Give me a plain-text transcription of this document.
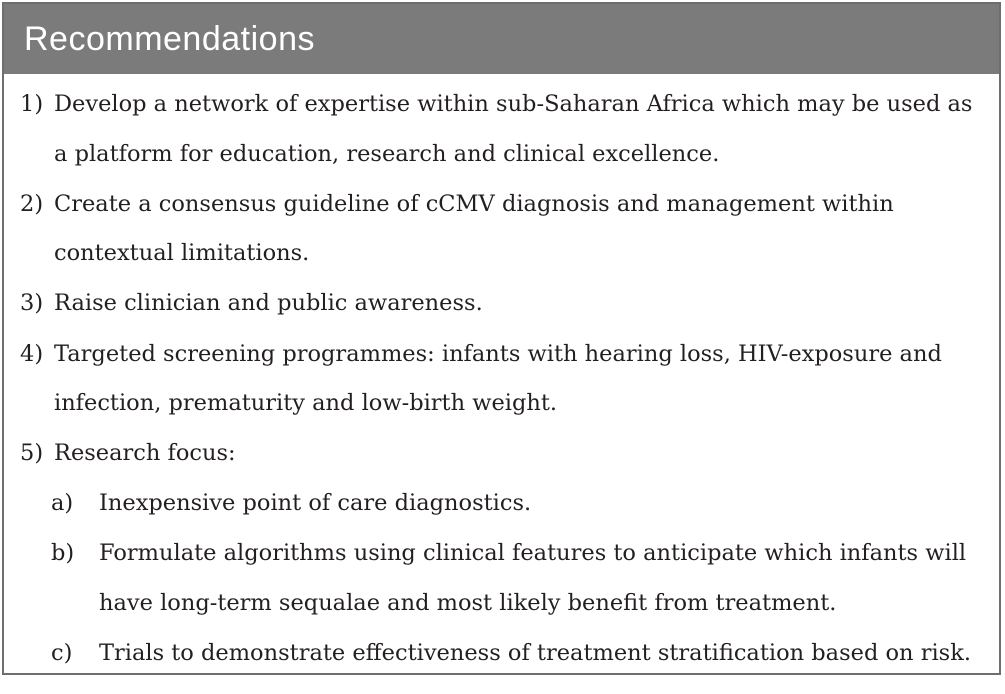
Recommendations
1) Develop a network of expertise within sub-Saharan Africa which may be used as
a platform for education, research and clinical excellence.
2) Create a consensus guideline of cCMV diagnosis and management within
contextual limitations.
3) Raise clinician and public awareness.
4) Targeted screening programmes: infants with hearing loss, HIV-exposure and
infection, prematurity and low-birth weight.
5) Research focus:
a) Inexpensive point of care diagnostics.
b) Formulate algorithms using clinical features to anticipate which infants will
have long-term sequalae and most likely benefit from treatment.
c) Trials to demonstrate effectiveness of treatment stratification based on risk.
